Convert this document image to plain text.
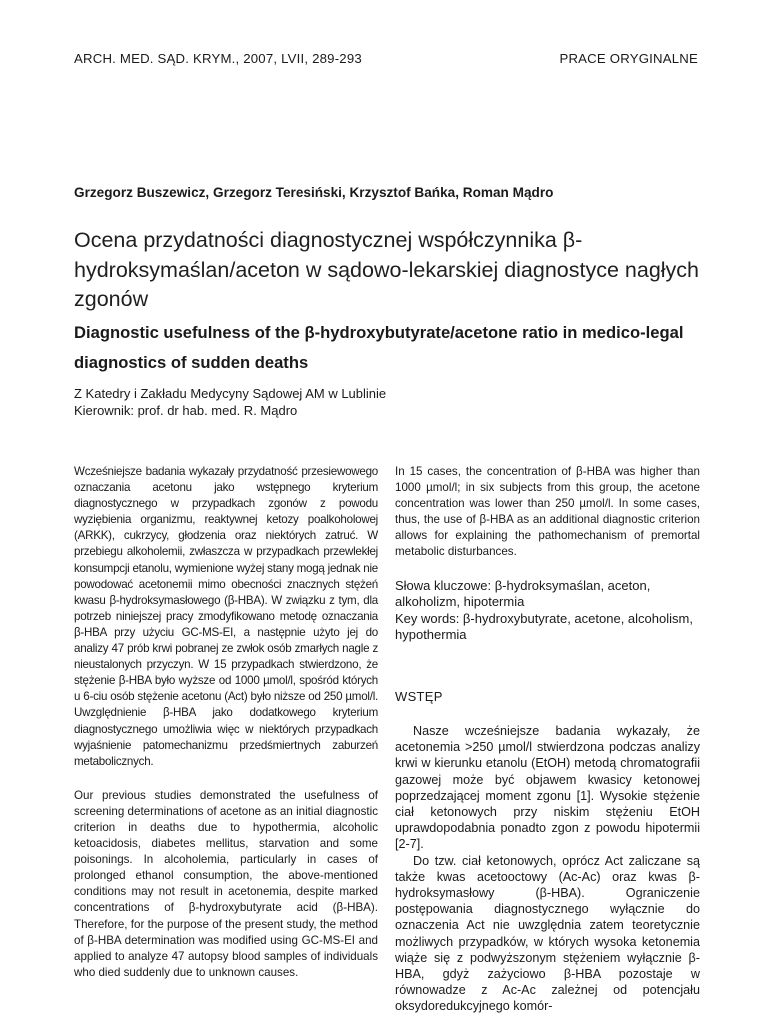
ARCH. MED. SĄD. KRYM., 2007, LVII, 289-293	PRACE ORYGINALNE
Grzegorz Buszewicz, Grzegorz Teresiński, Krzysztof Bańka, Roman Mądro
Ocena przydatności diagnostycznej współczynnika β-hydroksymaślan/aceton w sądowo-lekarskiej diagnostyce nagłych zgonów
Diagnostic usefulness of the β-hydroxybutyrate/acetone ratio in medico-legal diagnostics of sudden deaths
Z Katedry i Zakładu Medycyny Sądowej AM w Lublinie
Kierownik: prof. dr hab. med. R. Mądro

Wcześniejsze badania wykazały przydatność przesiewowego oznaczania acetonu jako wstępnego kryterium diagnostycznego w przypadkach zgonów z powodu wyziębienia organizmu, reaktywnej ketozy poalkoholowej (ARKK), cukrzycy, głodzenia oraz niektórych zatruć. W przebiegu alkoholemii, zwłaszcza w przypadkach przewlekłej konsumpcji etanolu, wymienione wyżej stany mogą jednak nie powodować acetonemii mimo obecności znacznych stężeń kwasu β-hydroksymasłowego (β-HBA). W związku z tym, dla potrzeb niniejszej pracy zmodyfikowano metodę oznaczania β-HBA przy użyciu GC-MS-EI, a następnie użyto jej do analizy 47 prób krwi pobranej ze zwłok osób zmarłych nagle z nieustalonych przyczyn. W 15 przypadkach stwierdzono, że stężenie β-HBA było wyższe od 1000 µmol/l, spośród których u 6-ciu osób stężenie acetonu (Act) było niższe od 250 µmol/l. Uwzględnienie β-HBA jako dodatkowego kryterium diagnostycznego umożliwia więc w niektórych przypadkach wyjaśnienie patomechanizmu przedśmiertnych zaburzeń metabolicznych.

Our previous studies demonstrated the usefulness of screening determinations of acetone as an initial diagnostic criterion in deaths due to hypothermia, alcoholic ketoacidosis, diabetes mellitus, starvation and some poisonings. In alcoholemia, particularly in cases of prolonged ethanol consumption, the above-mentioned conditions may not result in acetonemia, despite marked concentrations of β-hydroxybutyrate acid (β-HBA). Therefore, for the purpose of the present study, the method of β-HBA determination was modified using GC-MS-EI and applied to analyze 47 autopsy blood samples of individuals who died suddenly due to unknown causes.

In 15 cases, the concentration of β-HBA was higher than 1000 µmol/l; in six subjects from this group, the acetone concentration was lower than 250 µmol/l. In some cases, thus, the use of β-HBA as an additional diagnostic criterion allows for explaining the pathomechanism of premortal metabolic disturbances.

Słowa kluczowe: β-hydroksymaślan, aceton, alkoholizm, hipotermia

Key words: β-hydroxybutyrate, acetone, alcoholism, hypothermia

WSTĘP

Nasze wcześniejsze badania wykazały, że acetonemia >250 µmol/l stwierdzona podczas analizy krwi w kierunku etanolu (EtOH) metodą chromatografii gazowej może być objawem kwasicy ketonowej poprzedzającej moment zgonu [1]. Wysokie stężenie ciał ketonowych przy niskim stężeniu EtOH uprawdopodabnia ponadto zgon z powodu hipotermii [2-7].

Do tzw. ciał ketonowych, oprócz Act zaliczane są także kwas acetooctowy (Ac-Ac) oraz kwas β-hydroksymasłowy (β-HBA). Ograniczenie postępowania diagnostycznego wyłącznie do oznaczenia Act nie uwzględnia zatem teoretycznie możliwych przypadków, w których wysoka ketonemia wiąże się z podwyższonym stężeniem wyłącznie β-HBA, gdyż zażyciowo β-HBA pozostaje w równowadze z Ac-Ac zależnej od potencjału oksydoredukcyjnego komór-
